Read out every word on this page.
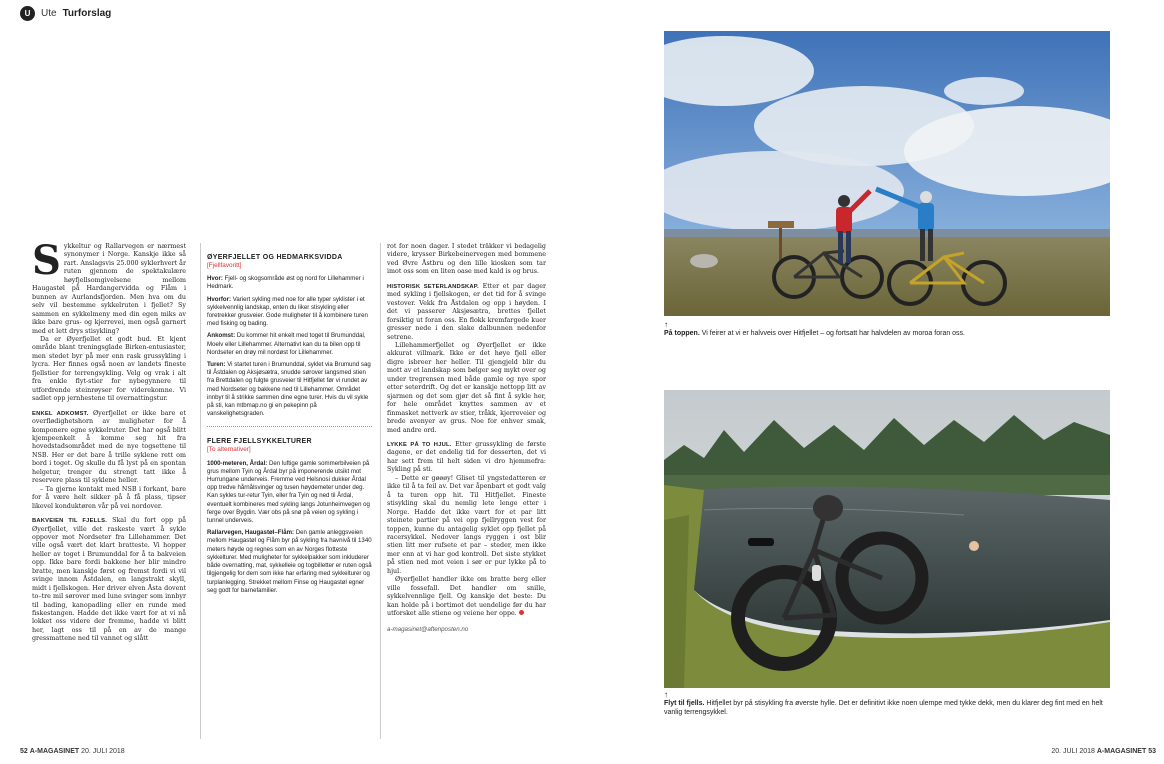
U	Ute Turforslag

Sykkeltur og Rallarvegen er nærmest synonymer i Norge. Kanskje ikke så rart. Anslagsvis 25.000 syklerhvert år ruten gjennom de spektakulære høyfjellsomgivelsene mellom Haugastøl på Hardangervidda og Flåm i bunnen av Aurlandsfjorden. Men hva om du selv vil bestemme sykkelruten i fjellet? Sy sammen en sykkelmeny med din egen miks av ikke bare grus- og kjerrevei, men også garnert med et lett drys stisykling?

Da er Øyerfjellet et godt bud. Et kjent område blant treningsglade Birken-entusiaster, men stedet byr på mer enn rask grussykling i lycra. Her finnes også noen av landets fineste fjellstier for terrengsykling. Velg og vrak i alt fra enkle flyt-stier for nybegynnere til utfordrende steinrøyser for viderekomne. Vi sadlet opp jernhestene til overnattingstur.

ENKEL ADKOMST. Øyerfjellet er ikke bare et overflødighetshorn av muligheter for å komponere egne sykkelruter. Det har også blitt kjempeenkelt å komme seg hit fra hovedstadsområdet med de nye togsettene til NSB. Her er det bare å trille syklene rett om bord i toget. Og skulle du få lyst på en spontan helgetur, trenger du strengt tatt ikke å reservere plass til syklene heller.

– Ta gjerne kontakt med NSB i forkant, bare for å være helt sikker på å få plass, tipser likevel konduktøren vår på vei nordover.

BAKVEIEN TIL FJELLS. Skal du fort opp på Øyerfjellet, ville det raskeste vært å sykle oppover mot Nordseter fra Lillehammer. Det ville også vært det klart bratteste. Vi hopper heller av toget i Brumunddal for å ta bakveien opp. Ikke bare fordi bakkene her blir mindre bratte, men kanskje først og fremst fordi vi vil svinge innom Åstdalen, en langstrakt skyll, midt i fjellskogen. Her driver elven Åsta dovent to–tre mil sørover med lune svinger som innbyr til bading, kanopadling eller en runde med fiskestangen. Hadde det ikke vært for at vi nå lokket oss videre der fremme, hadde vi blitt her, lagt oss til på en av de mange gressmattene ned til vannet og slått

ØYERFJELLET OG HEDMARKSVIDDA
[Fjellfavoritt]

Hvor: Fjell- og skogsområde øst og nord for Lillehammer i Hedmark.

Hvorfor: Variert sykling med noe for alle typer syklister i et sykkelvennlig landskap, enten du liker stisykling eller foretrekker grusveier. Gode muligheter til å kombinere turen med fisking og bading.

Ankomst: Du kommer hit enkelt med toget til Brumunddal, Moelv eller Lillehammer. Alternativt kan du ta bilen opp til Nordseter en drøy mil nordøst for Lillehammer.

Turen: Vi startet turen i Brumunddal, syklet via Brumund sag til Åstdalen og Aksjøsætra, snudde sørover langsmed stien fra Brettdalen og fulgte grusveier til Hitfjellet før vi rundet av med Nordseter og bakkene ned til Lillehammer. Området innbyr til å strikke sammen dine egne turer. Hvis du vil sykle på sti, kan mtbmap.no gi en pekepinn på vanskelighetsgraden.

FLERE FJELLSYKKELTURER
[To alternativer]

1000-meteren, Årdal: Den luftige gamle sommerbilveien på grus mellom Tyin og Årdal byr på imponerende utsikt mot Hurrungane underveis. Fremme ved Helsnosi dukker Årdal opp tredve hårnålsvinger og tusen høydemeter under deg. Kan sykles tur-retur Tyin, eller fra Tyin og ned til Årdal, eventuelt kombineres med sykling langs Jotunheimvegen og ferge over Bygdin. Vær obs på snø på veien og sykling i tunnel underveis.

Rallarvegen, Haugastøl–Flåm: Den gamle anleggsveien mellom Haugastøl og Flåm byr på sykling fra havnivå til 1340 meters høyde og regnes som en av Norges flotteste sykkelturer. Med muligheter for sykkelpakker som inkluderer både overnatting, mat, sykkelleie og togbilletter er ruten også tilgjengelig for dem som ikke har erfaring med sykkelturer og turplanlegging. Strekket mellom Finse og Haugastøl egner seg godt for barnefamilier.

rot for noen dager. I stedet tråkker vi bedagelig videre, krysser Birkebeinervegen med bommene ved Øvre Åstbru og den lille kiosken som tar imot oss som en liten oase med kald is og brus.

HISTORISK SETERLANDSKAP. Etter et par dager med sykling i fjellskogen, er det tid for å svinge vestover. Vekk fra Åstdalen og opp i høyden. I det vi passerer Aksjøsætra, brettes fjellet forsiktig ut foran oss. En flokk kremfargede kuer gresser nede i den slake dalbunnen nedenfor setrene.

Lillehammerfjellet og Øyerfjellet er ikke akkurat villmark. Ikke er det høye fjell eller digre isbreer her heller. Til gjengjeld blir du mott av et landskap som bølger seg mykt over og under tregrensen med både gamle og nye spor etter seterdrift. Og det er kanskje nettopp litt av sjarmen og det som gjør det så fint å sykle her, for hele området knyttes sammen av et finmasket nettverk av stier, tråkk, kjerreveier og brede avenyer av grus. Noe for enhver smak, med andre ord.

LYKKE PÅ TO HJUL. Etter grussykling de første dagene, er det endelig tid for desserten, det vi har sett frem til helt siden vi dro hjemmefra: Sykling på sti.

– Dette er gøøøy! Gliset til yngstedatteren er ikke til å ta feil av. Det var åpenbart et godt valg å ta turen opp hit. Til Hitfjellet. Fineste stisykling skal du nemlig lete lenge etter i Norge. Hadde det ikke vært for et par litt steinete partier på vei opp fjellryggen vest for toppen, kunne du antagelig syklet opp fjellet på racersykkel. Nedover langs ryggen i ost blir stien litt mer rufsete et par – steder, men ikke mer enn at vi har god kontroll. Det siste stykket på stien ned mot veien i sør er pur lykke på to hjul.

Øyerfjellet handler ikke om bratte berg eller ville fossefall. Det handler om snille, sykkelvennlige fjell. Og kanskje det beste: Du kan holde på i bortimot det uendelige før du har utforsket alle stiene og veiene her oppe.

a-magasinet@aftenposten.no
↑
På toppen. Vi feirer at vi er halvveis over Hitfjellet – og fortsatt har halvdelen av moroa foran oss.
↑
Flyt til fjells. Hitfjellet byr på stisykling fra øverste hylle. Det er definitivt ikke noen ulempe med tykke dekk, men du klarer deg fint med en helt vanlig terrengsykkel.
52 A-MAGASINET 20. JULI 2018	20. JULI 2018 A-MAGASINET 53
